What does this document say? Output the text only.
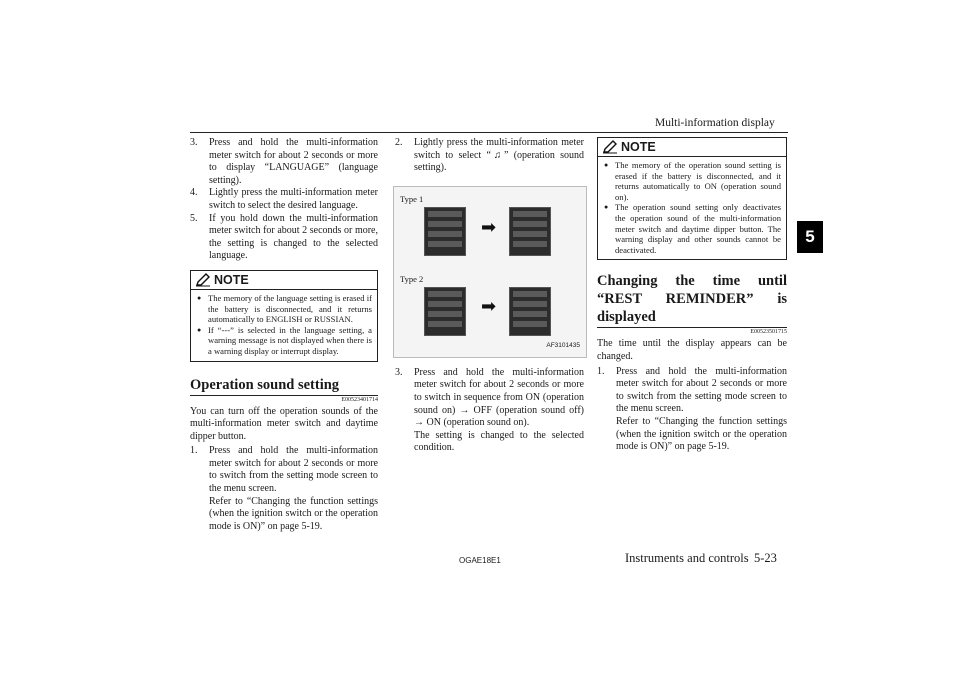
Multi-information display
5
3.	Press and hold the multi-information meter switch for about 2 seconds or more to display “LANGUAGE” (language setting).
4.	Lightly press the multi-information meter switch to select the desired language.
5.	If you hold down the multi-information meter switch for about 2 seconds or more, the setting is changed to the selected language.
NOTE
● The memory of the language setting is erased if the battery is disconnected, and it returns automatically to ENGLISH or RUSSIAN.
● If “---” is selected in the language setting, a warning message is not displayed when there is a warning display or interrupt display.
Operation sound setting
E00523401714
You can turn off the operation sounds of the multi-information meter switch and daytime dipper button.
1.	Press and hold the multi-information meter switch for about 2 seconds or more to switch from the setting mode screen to the menu screen.
Refer to “Changing the function settings (when the ignition switch or the operation mode is ON)” on page 5-19.
2.	Lightly press the multi-information meter switch to select “♫” (operation sound setting).
Type 1
Type 2
➡
➡
AF3101435
3.	Press and hold the multi-information meter switch for about 2 seconds or more to switch in sequence from ON (operation sound on) → OFF (operation sound off) → ON (operation sound on).
The setting is changed to the selected condition.
NOTE
● The memory of the operation sound setting is erased if the battery is disconnected, and it returns automatically to ON (operation sound on).
● The operation sound setting only deactivates the operation sound of the multi-information meter switch and daytime dipper button. The warning display and other sounds cannot be deactivated.
Changing the time until “REST REMINDER” is displayed
E00523501715
The time until the display appears can be changed.
1.	Press and hold the multi-information meter switch for about 2 seconds or more to switch from the setting mode screen to the menu screen.
Refer to “Changing the function settings (when the ignition switch or the operation mode is ON)” on page 5-19.
OGAE18E1	Instruments and controls 5-23
